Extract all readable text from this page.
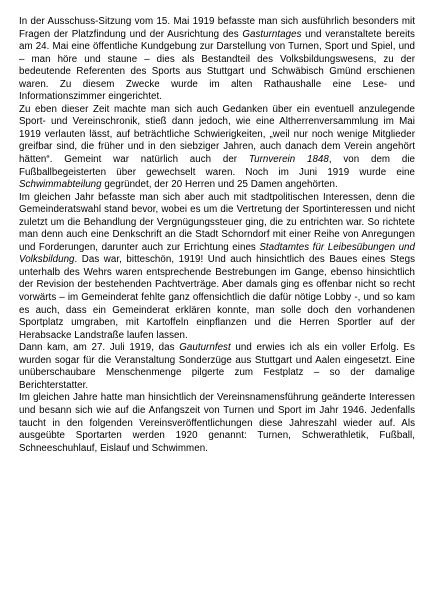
In der Ausschuss-Sitzung vom 15. Mai 1919 befasste man sich ausführlich besonders mit Fragen der Platzfindung und der Ausrichtung des Gasturntages und veranstaltete bereits am 24. Mai eine öffentliche Kundgebung zur Darstellung von Turnen, Sport und Spiel, und – man höre und staune – dies als Bestandteil des Volksbildungswesens, zu der bedeutende Referenten des Sports aus Stuttgart und Schwäbisch Gmünd erschienen waren. Zu diesem Zwecke wurde im alten Rathaushalle eine Lese- und Informationszimmer eingerichtet.

Zu eben dieser Zeit machte man sich auch Gedanken über ein eventuell anzulegende Sport- und Vereinschronik, stieß dann jedoch, wie eine Altherrenversammlung im Mai 1919 verlauten lässt, auf beträchtliche Schwierigkeiten, „weil nur noch wenige Mitglieder greifbar sind, die früher und in den siebziger Jahren, auch danach dem Verein angehört hätten“. Gemeint war natürlich auch der Turnverein 1848, von dem die Fußballbegeisterten über gewechselt waren. Noch im Juni 1919 wurde eine Schwimmabteilung gegründet, der 20 Herren und 25 Damen angehörten.

Im gleichen Jahr befasste man sich aber auch mit stadtpolitischen Interessen, denn die Gemeinderatswahl stand bevor, wobei es um die Vertretung der Sportinteressen und nicht zuletzt um die Behandlung der Vergnügungssteuer ging, die zu entrichten war. So richtete man denn auch eine Denkschrift an die Stadt Schorndorf mit einer Reihe von Anregungen und Forderungen, darunter auch zur Errichtung eines Stadtamtes für Leibesübungen und Volksbildung. Das war, bitteschön, 1919! Und auch hinsichtlich des Baues eines Stegs unterhalb des Wehrs waren entsprechende Bestrebungen im Gange, ebenso hinsichtlich der Revision der bestehenden Pachtverträge. Aber damals ging es offenbar nicht so recht vorwärts – im Gemeinderat fehlte ganz offensichtlich die dafür nötige Lobby -, und so kam es auch, dass ein Gemeinderat erklären konnte, man solle doch den vorhandenen Sportplatz umgraben, mit Kartoffeln einpflanzen und die Herren Sportler auf der Herabsacke Landstraße laufen lassen.

Dann kam, am 27. Juli 1919, das Gauturnfest und erwies ich als ein voller Erfolg. Es wurden sogar für die Veranstaltung Sonderzüge aus Stuttgart und Aalen eingesetzt. Eine unüberschaubare Menschenmenge pilgerte zum Festplatz – so der damalige Berichterstatter.

Im gleichen Jahre hatte man hinsichtlich der Vereinsnamensführung geänderte Interessen und besann sich wie auf die Anfangszeit von Turnen und Sport im Jahr 1946. Jedenfalls taucht in den folgenden Vereinsveröffentlichungen diese Jahreszahl wieder auf. Als ausgeübte Sportarten werden 1920 genannt: Turnen, Schwerathletik, Fußball, Schneeschuhlauf, Eislauf und Schwimmen.
